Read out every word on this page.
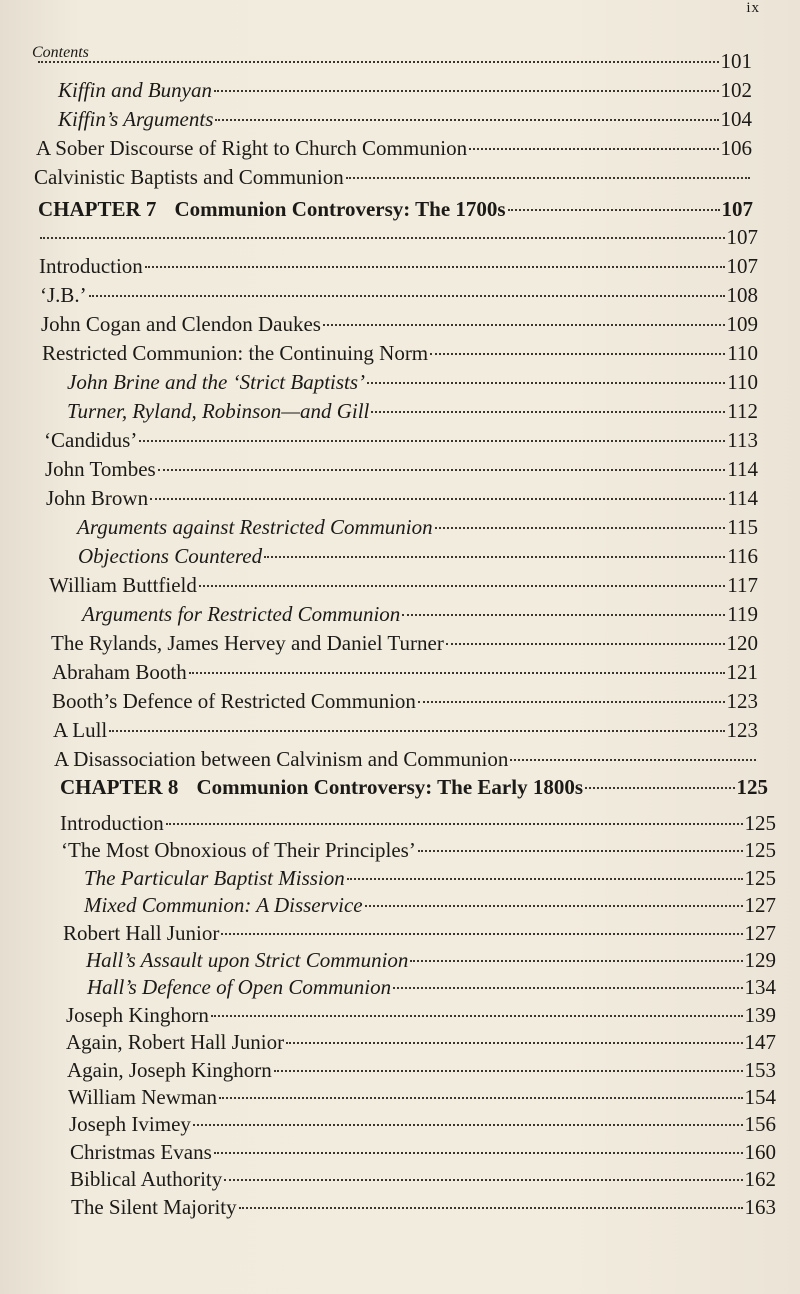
ix
Contents	101
Kiffin and Bunyan	102
Kiffin’s Arguments	104
A Sober Discourse of Right to Church Communion	106
Calvinistic Baptists and Communion
CHAPTER 7 Communion Controversy: The 1700s	107
107
Introduction	107
‘J.B.’	108
John Cogan and Clendon Daukes	109
Restricted Communion: the Continuing Norm	110
John Brine and the ‘Strict Baptists’	110
Turner, Ryland, Robinson—and Gill	112
‘Candidus’	113
John Tombes	114
John Brown	114
Arguments against Restricted Communion	115
Objections Countered	116
William Buttfield	117
Arguments for Restricted Communion	119
The Rylands, James Hervey and Daniel Turner	120
Abraham Booth	121
Booth’s Defence of Restricted Communion	123
A Lull	123
A Disassociation between Calvinism and Communion
CHAPTER 8 Communion Controversy: The Early 1800s	125
Introduction	125
‘The Most Obnoxious of Their Principles’	125
The Particular Baptist Mission	125
Mixed Communion: A Disservice	127
Robert Hall Junior	127
Hall’s Assault upon Strict Communion	129
Hall’s Defence of Open Communion	134
Joseph Kinghorn	139
Again, Robert Hall Junior	147
Again, Joseph Kinghorn	153
William Newman	154
Joseph Ivimey	156
Christmas Evans	160
Biblical Authority	162
The Silent Majority	163
